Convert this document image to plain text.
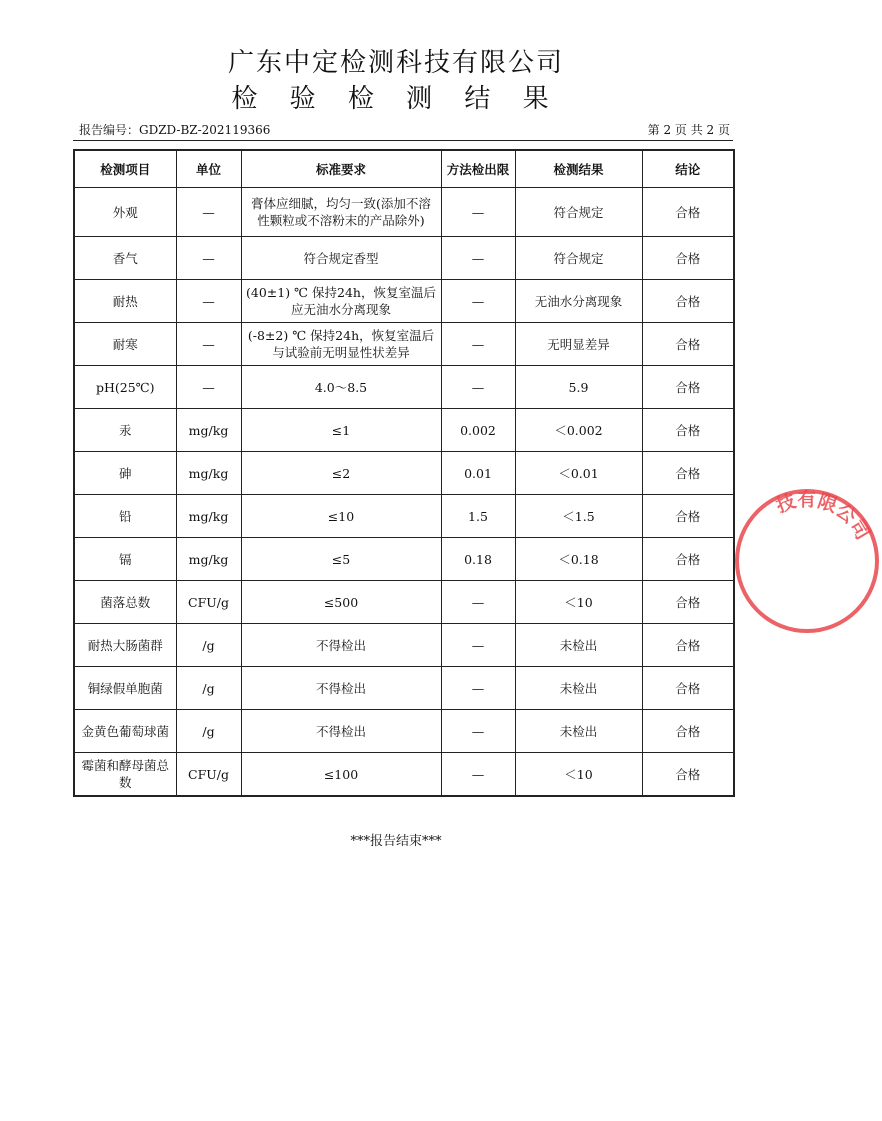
广东中定检测科技有限公司
检 验 检 测 结 果
报告编号：GDZD-BZ-202119366	第 2 页 共 2 页
检测项目	单位	标准要求	方法检出限	检测结果	结论
外观	—	膏体应细腻，均匀一致(添加不溶性颗粒或不溶粉末的产品除外)	—	符合规定	合格
香气	—	符合规定香型	—	符合规定	合格
耐热	—	(40±1) ℃ 保持24h，恢复室温后应无油水分离现象	—	无油水分离现象	合格
耐寒	—	(-8±2) ℃ 保持24h，恢复室温后与试验前无明显性状差异	—	无明显差异	合格
pH(25℃)	—	4.0～8.5	—	5.9	合格
汞	mg/kg	≤1	0.002	＜0.002	合格
砷	mg/kg	≤2	0.01	＜0.01	合格
铅	mg/kg	≤10	1.5	＜1.5	合格
镉	mg/kg	≤5	0.18	＜0.18	合格
菌落总数	CFU/g	≤500	—	＜10	合格
耐热大肠菌群	/g	不得检出	—	未检出	合格
铜绿假单胞菌	/g	不得检出	—	未检出	合格
金黄色葡萄球菌	/g	不得检出	—	未检出	合格
霉菌和酵母菌总数	CFU/g	≤100	—	＜10	合格
***报告结束***
技有限公司
